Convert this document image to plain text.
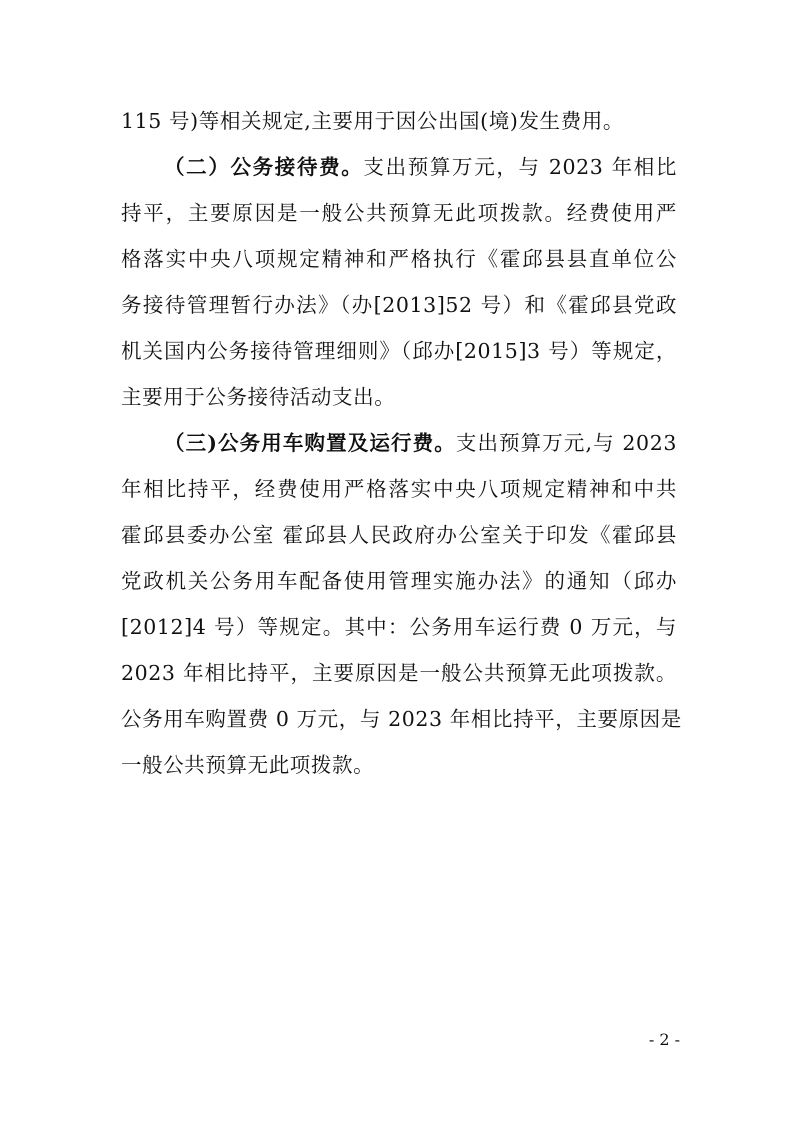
115 号)等相关规定,主要用于因公出国(境)发生费用。
（二）公务接待费。支出预算万元，与 2023 年相比
持平，主要原因是一般公共预算无此项拨款。经费使用严
格落实中央八项规定精神和严格执行《霍邱县县直单位公
务接待管理暂行办法》（办[2013]52 号）和《霍邱县党政
机关国内公务接待管理细则》（邱办[2015]3 号）等规定，
主要用于公务接待活动支出。
（三)公务用车购置及运行费。支出预算万元,与 2023
年相比持平，经费使用严格落实中央八项规定精神和中共
霍邱县委办公室 霍邱县人民政府办公室关于印发《霍邱县
党政机关公务用车配备使用管理实施办法》的通知（邱办
[2012]4 号）等规定。其中：公务用车运行费 0 万元，与
2023 年相比持平，主要原因是一般公共预算无此项拨款。
公务用车购置费 0 万元，与 2023 年相比持平，主要原因是
一般公共预算无此项拨款。
- 2 -
